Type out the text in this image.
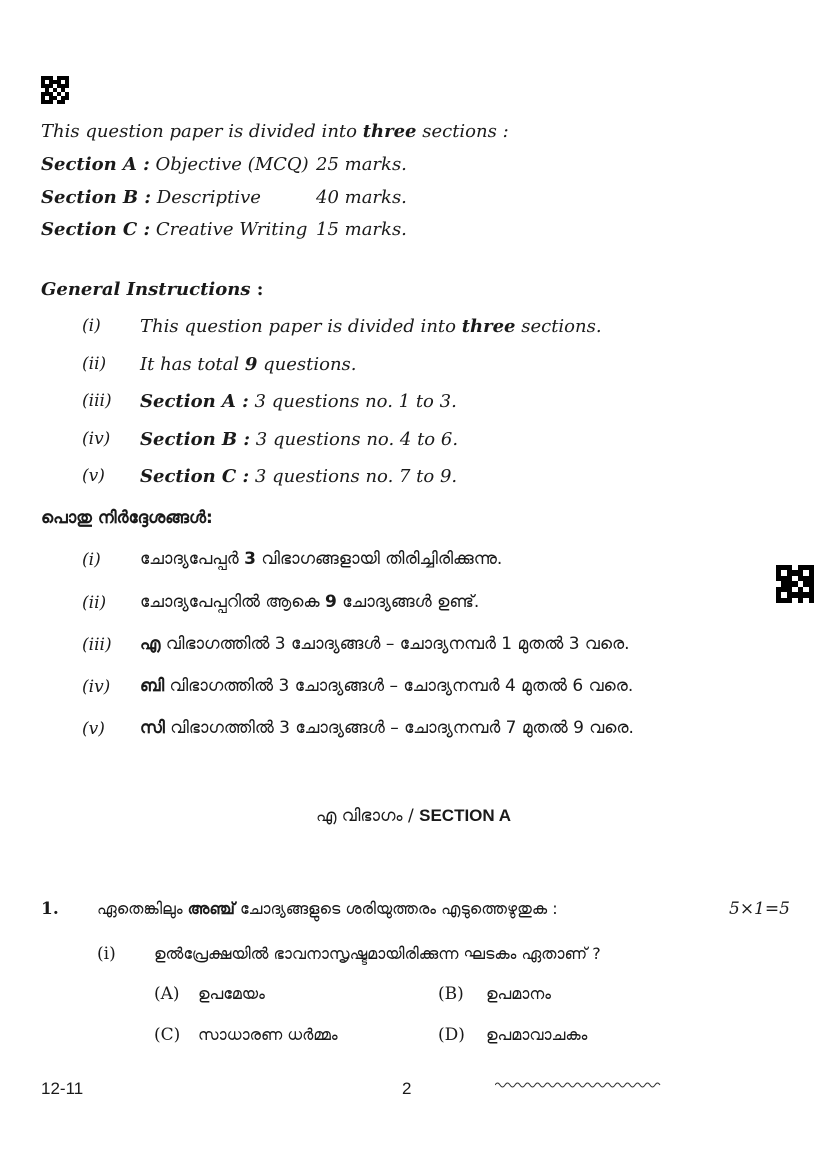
This question paper is divided into three sections :
Section A : Objective (MCQ) 25 marks.
Section B : Descriptive	40 marks.
Section C : Creative Writing 15 marks.
General Instructions :
(i) This question paper is divided into three sections.
(ii) It has total 9 questions.
(iii) Section A : 3 questions no. 1 to 3.
(iv) Section B : 3 questions no. 4 to 6.
(v) Section C : 3 questions no. 7 to 9.
പൊതു നിർദ്ദേശങ്ങൾ:
(i) ചോദ്യപേപ്പർ 3 വിഭാഗങ്ങളായി തിരിച്ചിരിക്കുന്നു.
(ii) ചോദ്യപേപ്പറിൽ ആകെ 9 ചോദ്യങ്ങൾ ഉണ്ട്.
(iii) എ വിഭാഗത്തിൽ 3 ചോദ്യങ്ങൾ – ചോദ്യനമ്പർ 1 മുതൽ 3 വരെ.
(iv) ബി വിഭാഗത്തിൽ 3 ചോദ്യങ്ങൾ – ചോദ്യനമ്പർ 4 മുതൽ 6 വരെ.
(v) സി വിഭാഗത്തിൽ 3 ചോദ്യങ്ങൾ – ചോദ്യനമ്പർ 7 മുതൽ 9 വരെ.
എ വിഭാഗം / SECTION A
1. ഏതെങ്കിലും അഞ്ച് ചോദ്യങ്ങളുടെ ശരിയുത്തരം എടുത്തെഴുതുക :	5×1=5
(i) ഉൽപ്രേക്ഷയിൽ ഭാവനാസൃഷ്ടമായിരിക്കുന്ന ഘടകം ഏതാണ് ?
(A) ഉപമേയം	(B) ഉപമാനം
(C) സാധാരണ ധർമ്മം	(D) ഉപമാവാചകം
12-11	2
